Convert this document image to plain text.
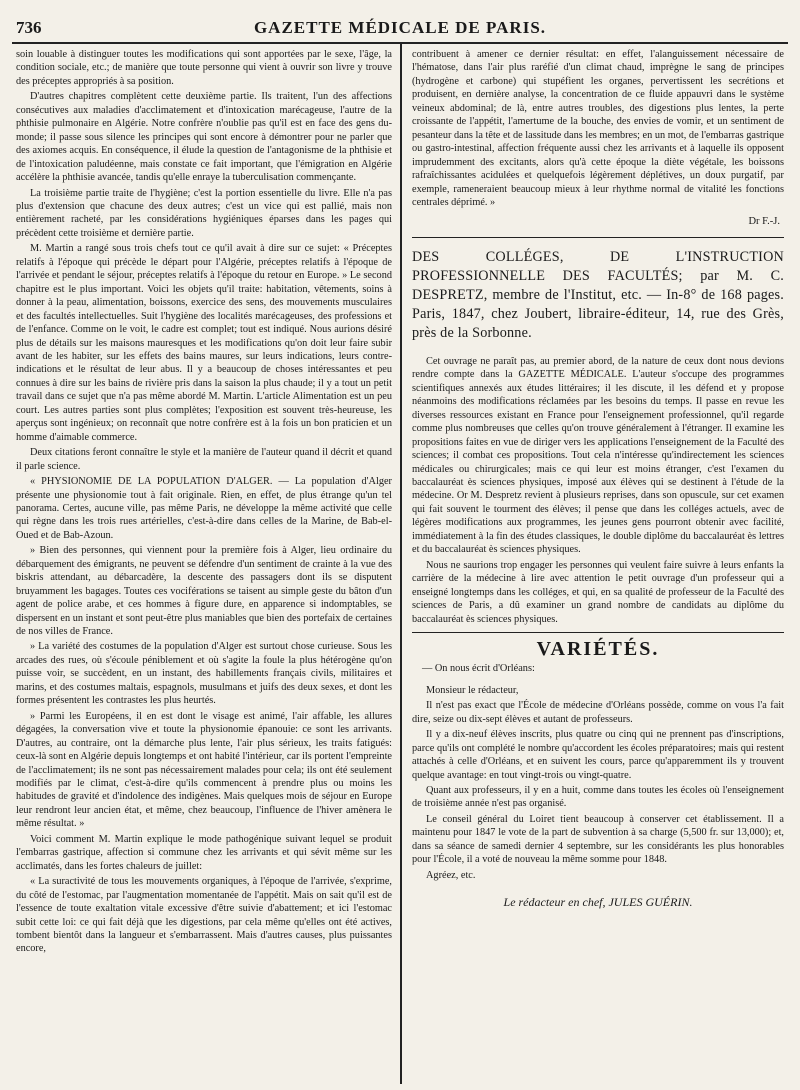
736	GAZETTE MÉDICALE DE PARIS.

soin louable à distinguer toutes les modifications qui sont apportées par le sexe, l'âge, la condition sociale, etc.; de manière que toute personne qui vient à ouvrir son livre y trouve des préceptes appropriés à sa position.

D'autres chapitres complètent cette deuxième partie. Ils traitent, l'un des affections consécutives aux maladies d'acclimatement et d'intoxication marécageuse, l'autre de la phthisie pulmonaire en Algérie. Notre confrère n'oublie pas qu'il est en face des gens du-monde; il passe sous silence les principes qui sont encore à démontrer pour ne parler que des axiomes acquis. En conséquence, il élude la question de l'antagonisme de la phthisie et de l'intoxication paludéenne, mais constate ce fait important, que l'émigration en Algérie accélère la phthisie avancée, tandis qu'elle enraye la tuberculisation commençante.

La troisième partie traite de l'hygiène; c'est la portion essentielle du livre. Elle n'a pas plus d'extension que chacune des deux autres; c'est un vice qui est pallié, mais non entièrement racheté, par les considérations hygiéniques éparses dans les pages qui précèdent cette troisième et dernière partie.

M. Martin a rangé sous trois chefs tout ce qu'il avait à dire sur ce sujet: « Préceptes relatifs à l'époque qui précède le départ pour l'Algérie, préceptes relatifs à l'époque de l'arrivée et pendant le séjour, préceptes relatifs à l'époque du retour en Europe. » Le second chapitre est le plus important. Voici les objets qu'il traite: habitation, vêtements, soins à donner à la peau, alimentation, boissons, exercice des sens, des mouvements musculaires et des facultés intellectuelles. Suit l'hygiène des localités marécageuses, des professions et de l'enfance. Comme on le voit, le cadre est complet; tout est indiqué. Nous aurions désiré plus de détails sur les maisons mauresques et les modifications qu'on doit leur faire subir avant de les habiter, sur les effets des bains maures, sur leurs indications, leurs contre-indications et le résultat de leur abus. Il y a beaucoup de choses intéressantes et peu connues à dire sur les bains de rivière pris dans la saison la plus chaude; il y a tout un petit travail dans ce sujet que n'a pas même abordé M. Martin. L'article Alimentation est un peu court. Les autres parties sont plus complètes; l'exposition est souvent très-heureuse, les aperçus sont ingénieux; on reconnaît que notre confrère est à la fois un bon praticien et un homme d'aimable commerce.

Deux citations feront connaître le style et la manière de l'auteur quand il décrit et quand il parle science.

« PHYSIONOMIE DE LA POPULATION D'ALGER. — La population d'Alger présente une physionomie tout à fait originale. Rien, en effet, de plus étrange qu'un tel panorama. Certes, aucune ville, pas même Paris, ne développe la même activité que celle qui règne dans les trois rues artérielles, c'est-à-dire dans celles de la Marine, de Bab-el-Oued et de Bab-Azoun.

» Bien des personnes, qui viennent pour la première fois à Alger, lieu ordinaire du débarquement des émigrants, ne peuvent se défendre d'un sentiment de crainte à la vue des biskris attendant, au débarcadère, la descente des passagers dont ils se disputent bruyamment les bagages. Toutes ces vociférations se taisent au simple geste du bâton d'un agent de police arabe, et ces hommes à figure dure, en apparence si indomptables, se dispersent en un instant et sont peut-être plus maniables que bien des portefaix de certaines de nos villes de France.

» La variété des costumes de la population d'Alger est surtout chose curieuse. Sous les arcades des rues, où s'écoule péniblement et où s'agite la foule la plus hétérogène qu'on puisse voir, se succèdent, en un instant, des habillements français civils, militaires et marins, et des costumes maltais, espagnols, musulmans et juifs des deux sexes, et dont les formes présentent les contrastes les plus heurtés.

» Parmi les Européens, il en est dont le visage est animé, l'air affable, les allures dégagées, la conversation vive et toute la physionomie épanouie: ce sont les arrivants. D'autres, au contraire, ont la démarche plus lente, l'air plus sérieux, les traits fatigués: ceux-là sont en Algérie depuis longtemps et ont habité l'intérieur, car ils portent l'empreinte de l'acclimatement; ils ne sont pas nécessairement malades pour cela; ils ont été seulement modifiés par le climat, c'est-à-dire qu'ils commencent à prendre plus ou moins les habitudes de gravité et d'indolence des indigènes. Mais quelques mois de séjour en Europe leur rendront leur ancien état, et même, chez beaucoup, l'influence de l'hiver amènera le même résultat. »

Voici comment M. Martin explique le mode pathogénique suivant lequel se produit l'embarras gastrique, affection si commune chez les arrivants et qui sévit même sur les acclimatés, dans les fortes chaleurs de juillet:

« La suractivité de tous les mouvements organiques, à l'époque de l'arrivée, s'exprime, du côté de l'estomac, par l'augmentation momentanée de l'appétit. Mais on sait qu'il est de l'essence de toute exaltation vitale excessive d'être suivie d'abattement; et ici l'estomac subit cette loi: ce qui fait déjà que les digestions, par cela même qu'elles ont été actives, tombent bientôt dans la langueur et s'embarrassent. Mais d'autres causes, plus puissantes encore,

contribuent à amener ce dernier résultat: en effet, l'alanguissement nécessaire de l'hématose, dans l'air plus raréfié d'un climat chaud, imprègne le sang de principes (hydrogène et carbone) qui stupéfient les organes, pervertissent les secrétions et produisent, en dernière analyse, la concentration de ce fluide appauvri dans le système veineux abdominal; de là, entre autres troubles, des digestions plus lentes, la perte croissante de l'appétit, l'amertume de la bouche, des envies de vomir, et un sentiment de pesanteur dans la tête et de lassitude dans les membres; en un mot, de l'embarras gastrique ou gastro-intestinal, affection fréquente aussi chez les arrivants et à laquelle ils opposent imprudemment des excitants, alors qu'à cette époque la diète végétale, les boissons rafraîchissantes acidulées et quelquefois légèrement déplétives, un doux purgatif, par exemple, rameneraient beaucoup mieux à leur rhythme normal de vitalité les fonctions centrales déprimé. »

Dr F.-J.

DES COLLÉGES, DE L'INSTRUCTION PROFESSIONNELLE DES FACULTÉS; par M. C. DESPRETZ, membre de l'Institut, etc. — In-8° de 168 pages. Paris, 1847, chez Joubert, libraire-éditeur, 14, rue des Grès, près de la Sorbonne.

Cet ouvrage ne paraît pas, au premier abord, de la nature de ceux dont nous devions rendre compte dans la GAZETTE MÉDICALE. L'auteur s'occupe des programmes scientifiques annexés aux études littéraires; il les discute, il les défend et y propose néanmoins des modifications réclamées par les besoins du temps. Il passe en revue les diverses ressources existant en France pour l'enseignement professionnel, qu'il regarde comme plus nombreuses que celles qu'on trouve généralement à l'étranger. Il examine les propositions faites en vue de diriger vers les applications l'enseignement de la Faculté des sciences; il combat ces propositions. Tout cela n'intéresse qu'indirectement les sciences médicales ou chirurgicales; mais ce qui leur est moins étranger, c'est l'examen du baccalauréat ès sciences physiques, imposé aux élèves qui se destinent à l'étude de la médecine. Or M. Despretz revient à plusieurs reprises, dans son opuscule, sur cet examen qui fait souvent le tourment des élèves; il pense que dans les colléges actuels, avec de légères modifications aux programmes, les jeunes gens pourront obtenir avec facilité, immédiatement à la fin des études classiques, le double diplôme du baccalauréat ès lettres et du baccalauréat ès sciences physiques.

Nous ne saurions trop engager les personnes qui veulent faire suivre à leurs enfants la carrière de la médecine à lire avec attention le petit ouvrage d'un professeur qui a enseigné longtemps dans les colléges, et qui, en sa qualité de professeur de la Faculté des sciences de Paris, a dû examiner un grand nombre de candidats au diplôme du baccalauréat ès sciences physiques.

VARIÉTÉS.

— On nous écrit d'Orléans:

Monsieur le rédacteur,

Il n'est pas exact que l'École de médecine d'Orléans possède, comme on vous l'a fait dire, seize ou dix-sept élèves et autant de professeurs.

Il y a dix-neuf élèves inscrits, plus quatre ou cinq qui ne prennent pas d'inscriptions, parce qu'ils ont complété le nombre qu'accordent les écoles préparatoires; mais qui restent attachés à celle d'Orléans, et en suivent les cours, parce qu'apparemment ils y trouvent quelque avantage: en tout vingt-trois ou vingt-quatre.

Quant aux professeurs, il y en a huit, comme dans toutes les écoles où l'enseignement de troisième année n'est pas organisé.

Le conseil général du Loiret tient beaucoup à conserver cet établissement. Il a maintenu pour 1847 le vote de la part de subvention à sa charge (5,500 fr. sur 13,000); et, dans sa séance de samedi dernier 4 septembre, sur les considérants les plus honorables pour l'École, il a voté de nouveau la même somme pour 1848.

Agréez, etc.

Le rédacteur en chef, JULES GUÉRIN.
